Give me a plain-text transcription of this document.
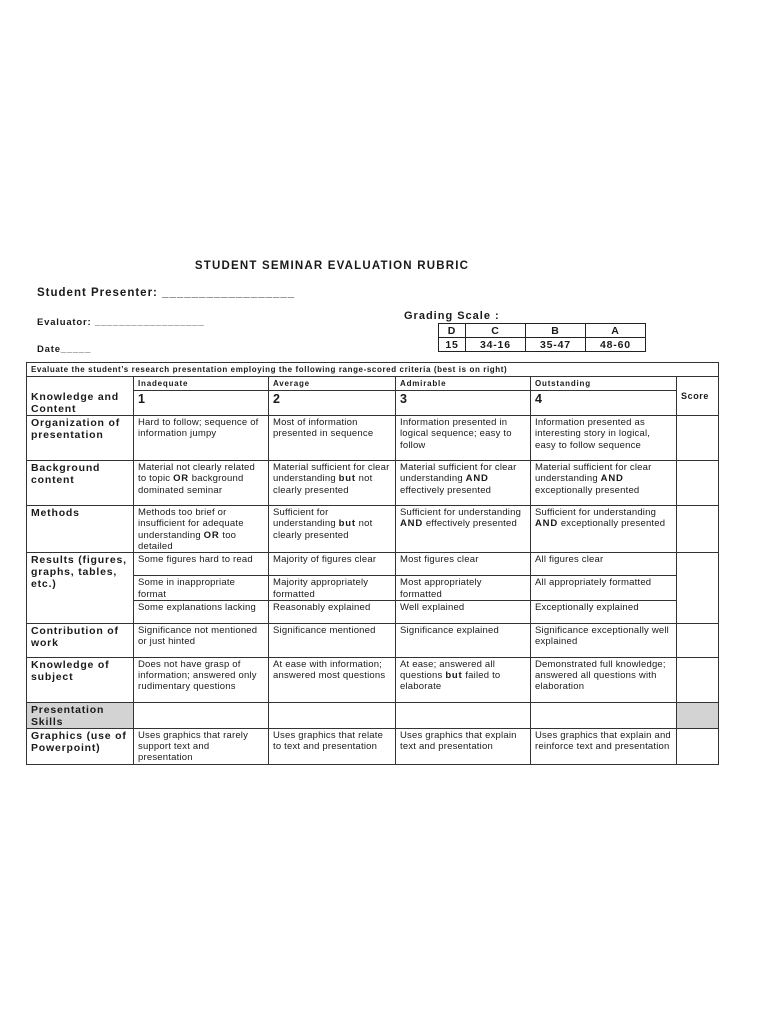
STUDENT SEMINAR EVALUATION RUBRIC
Student Presenter: __________________
Evaluator: __________________
Date_____
Grading Scale :
D	C	B	A
15	34-16	35-47	48-60
Evaluate the student’s research presentation employing the following range-scored criteria (best is on right)					
	Inadequate	Average	Admirable	Outstanding	
Knowledge and Content	1	2	3	4	Score
Organization of presentation	Hard to follow; sequence of information jumpy	Most of information presented in sequence	Information presented in logical sequence; easy to follow	Information presented as interesting story in logical, easy to follow sequence	
Background content	Material not clearly related to topic OR background dominated seminar	Material sufficient for clear understanding but not clearly presented	Material sufficient for clear understanding AND effectively presented	Material sufficient for clear understanding AND exceptionally presented	
Methods	Methods too brief or insufficient for adequate understanding OR too detailed	Sufficient for understanding but not clearly presented	Sufficient for understanding AND effectively presented	Sufficient for understanding AND exceptionally presented	
Results (figures, graphs, tables, etc.)	Some figures hard to read	Majority of figures clear	Most figures clear	All figures clear	
	Some in inappropriate format	Majority appropriately formatted	Most appropriately formatted	All appropriately formatted	
	Some explanations lacking	Reasonably explained	Well explained	Exceptionally explained	
Contribution of work	Significance not mentioned or just hinted	Significance mentioned	Significance explained	Significance exceptionally well explained	
Knowledge of subject	Does not have grasp of information; answered only rudimentary questions	At ease with information; answered most questions	At ease; answered all questions but failed to elaborate	Demonstrated full knowledge; answered all questions with elaboration	
Presentation Skills					
Graphics (use of Powerpoint)	Uses graphics that rarely support text and presentation	Uses graphics that relate to text and presentation	Uses graphics that explain text and presentation	Uses graphics that explain and reinforce text and presentation	
